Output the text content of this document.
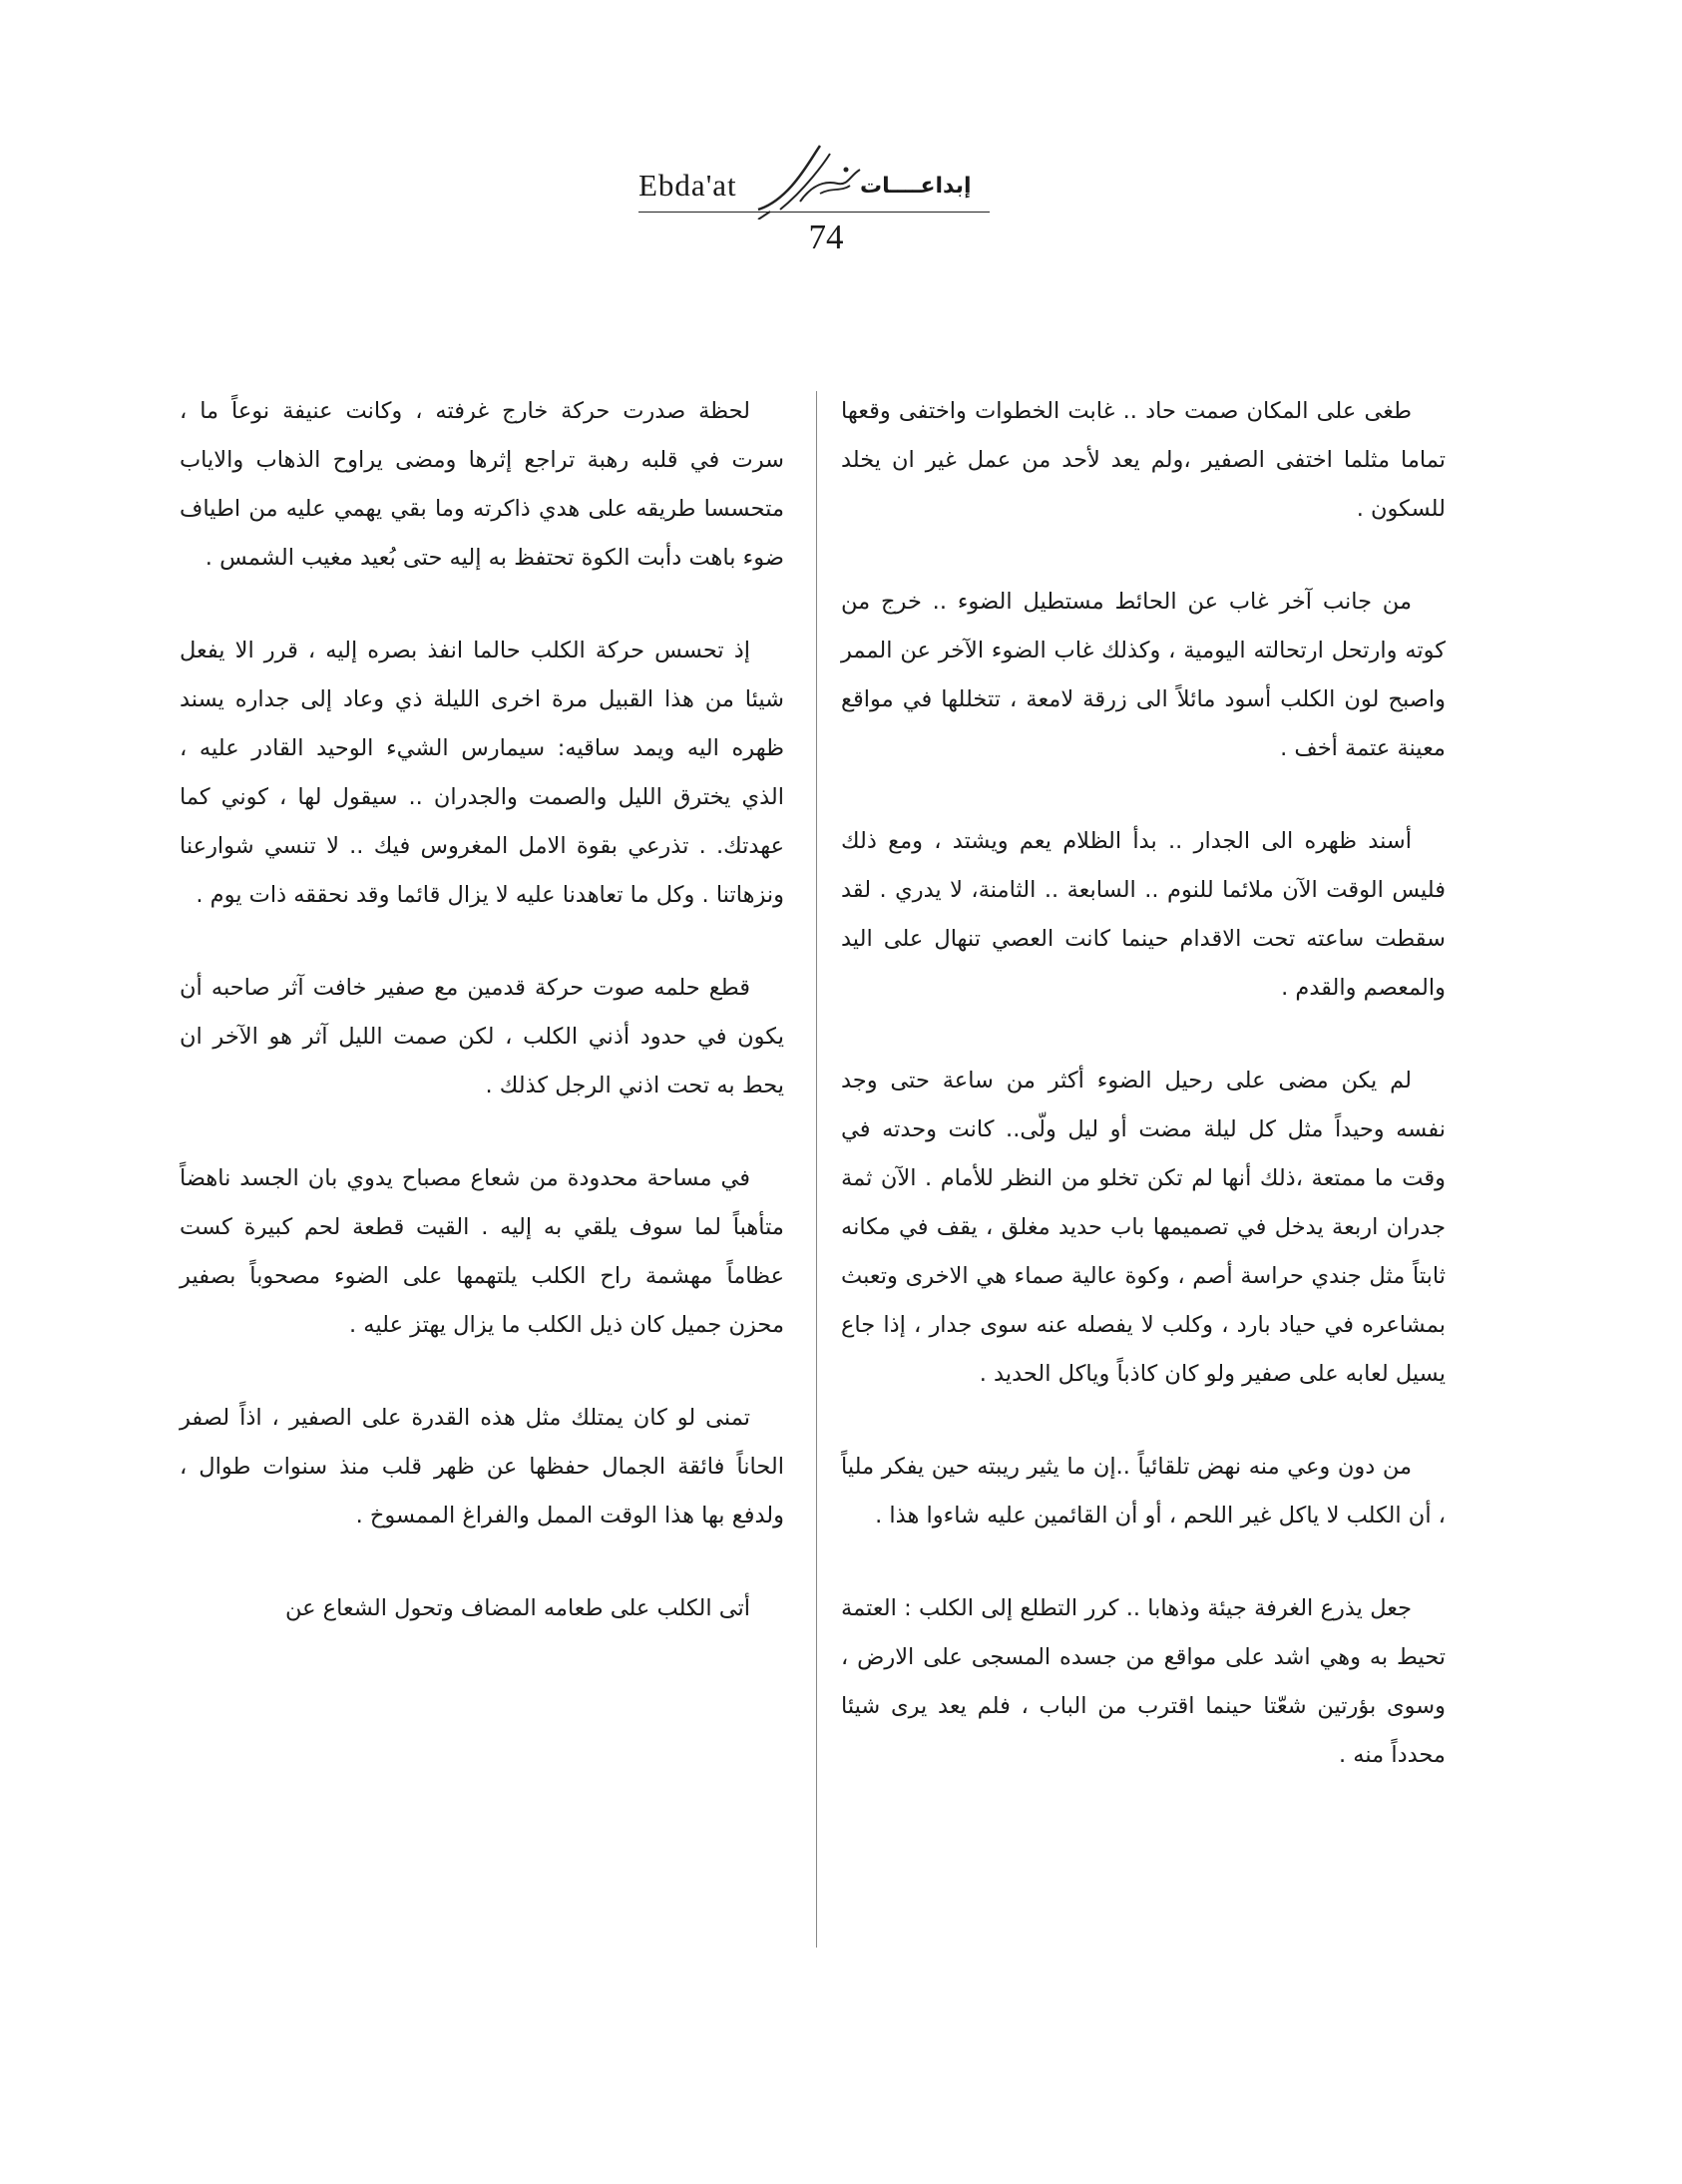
Ebda'at	إبداعــــات
74

طغى على المكان صمت حاد .. غابت الخطوات واختفى وقعها تماما مثلما اختفى الصفير ،ولم يعد لأحد من عمل غير ان يخلد للسكون .

من جانب آخر غاب عن الحائط مستطيل الضوء .. خرج من كوته وارتحل ارتحالته اليومية ، وكذلك غاب الضوء الآخر عن الممر واصبح لون الكلب أسود مائلاً الى زرقة لامعة ، تتخللها في مواقع معينة عتمة أخف .

أسند ظهره الى الجدار .. بدأ الظلام يعم ويشتد ، ومع ذلك فليس الوقت الآن ملائما للنوم .. السابعة .. الثامنة، لا يدري . لقد سقطت ساعته تحت الاقدام حينما كانت العصي تنهال على اليد والمعصم والقدم .

لم يكن مضى على رحيل الضوء أكثر من ساعة حتى وجد نفسه وحيداً مثل كل ليلة مضت أو ليل ولّى.. كانت وحدته في وقت ما ممتعة ،ذلك أنها لم تكن تخلو من النظر للأمام . الآن ثمة جدران اربعة يدخل في تصميمها باب حديد مغلق ، يقف في مكانه ثابتاً مثل جندي حراسة أصم ، وكوة عالية صماء هي الاخرى وتعبث بمشاعره في حياد بارد ، وكلب لا يفصله عنه سوى جدار ، إذا جاع يسيل لعابه على صفير ولو كان كاذباً وياكل الحديد .

من دون وعي منه نهض تلقائياً ..إن ما يثير ريبته حين يفكر ملياً ، أن الكلب لا ياكل غير اللحم ، أو أن القائمين عليه شاءوا هذا .

جعل يذرع الغرفة جيئة وذهابا .. كرر التطلع إلى الكلب : العتمة تحيط به وهي اشد على مواقع من جسده المسجى على الارض ، وسوى بؤرتين شعّتا حينما اقترب من الباب ، فلم يعد يرى شيئا محدداً منه .

لحظة صدرت حركة خارج غرفته ، وكانت عنيفة نوعاً ما ، سرت في قلبه رهبة تراجع إثرها ومضى يراوح الذهاب والاياب متحسسا طريقه على هدي ذاكرته وما بقي يهمي عليه من اطياف ضوء باهت دأبت الكوة تحتفظ به إليه حتى بُعيد مغيب الشمس .

إذ تحسس حركة الكلب حالما انفذ بصره إليه ، قرر الا يفعل شيئا من هذا القبيل مرة اخرى الليلة ذي وعاد إلى جداره يسند ظهره اليه ويمد ساقيه: سيمارس الشيء الوحيد القادر عليه ، الذي يخترق الليل والصمت والجدران .. سيقول لها ، كوني كما عهدتك. . تذرعي بقوة الامل المغروس فيك .. لا تنسي شوارعنا ونزهاتنا . وكل ما تعاهدنا عليه لا يزال قائما وقد نحققه ذات يوم .

قطع حلمه صوت حركة قدمين مع صفير خافت آثر صاحبه أن يكون في حدود أذني الكلب ، لكن صمت الليل آثر هو الآخر ان يحط به تحت اذني الرجل كذلك .

في مساحة محدودة من شعاع مصباح يدوي بان الجسد ناهضاً متأهباً لما سوف يلقي به إليه . القيت قطعة لحم كبيرة كست عظاماً مهشمة راح الكلب يلتهمها على الضوء مصحوباً بصفير محزن جميل كان ذيل الكلب ما يزال يهتز عليه .

تمنى لو كان يمتلك مثل هذه القدرة على الصفير ، اذاً لصفر الحاناً فائقة الجمال حفظها عن ظهر قلب منذ سنوات طوال ، ولدفع بها هذا الوقت الممل والفراغ الممسوخ .

أتى الكلب على طعامه المضاف وتحول الشعاع عن
